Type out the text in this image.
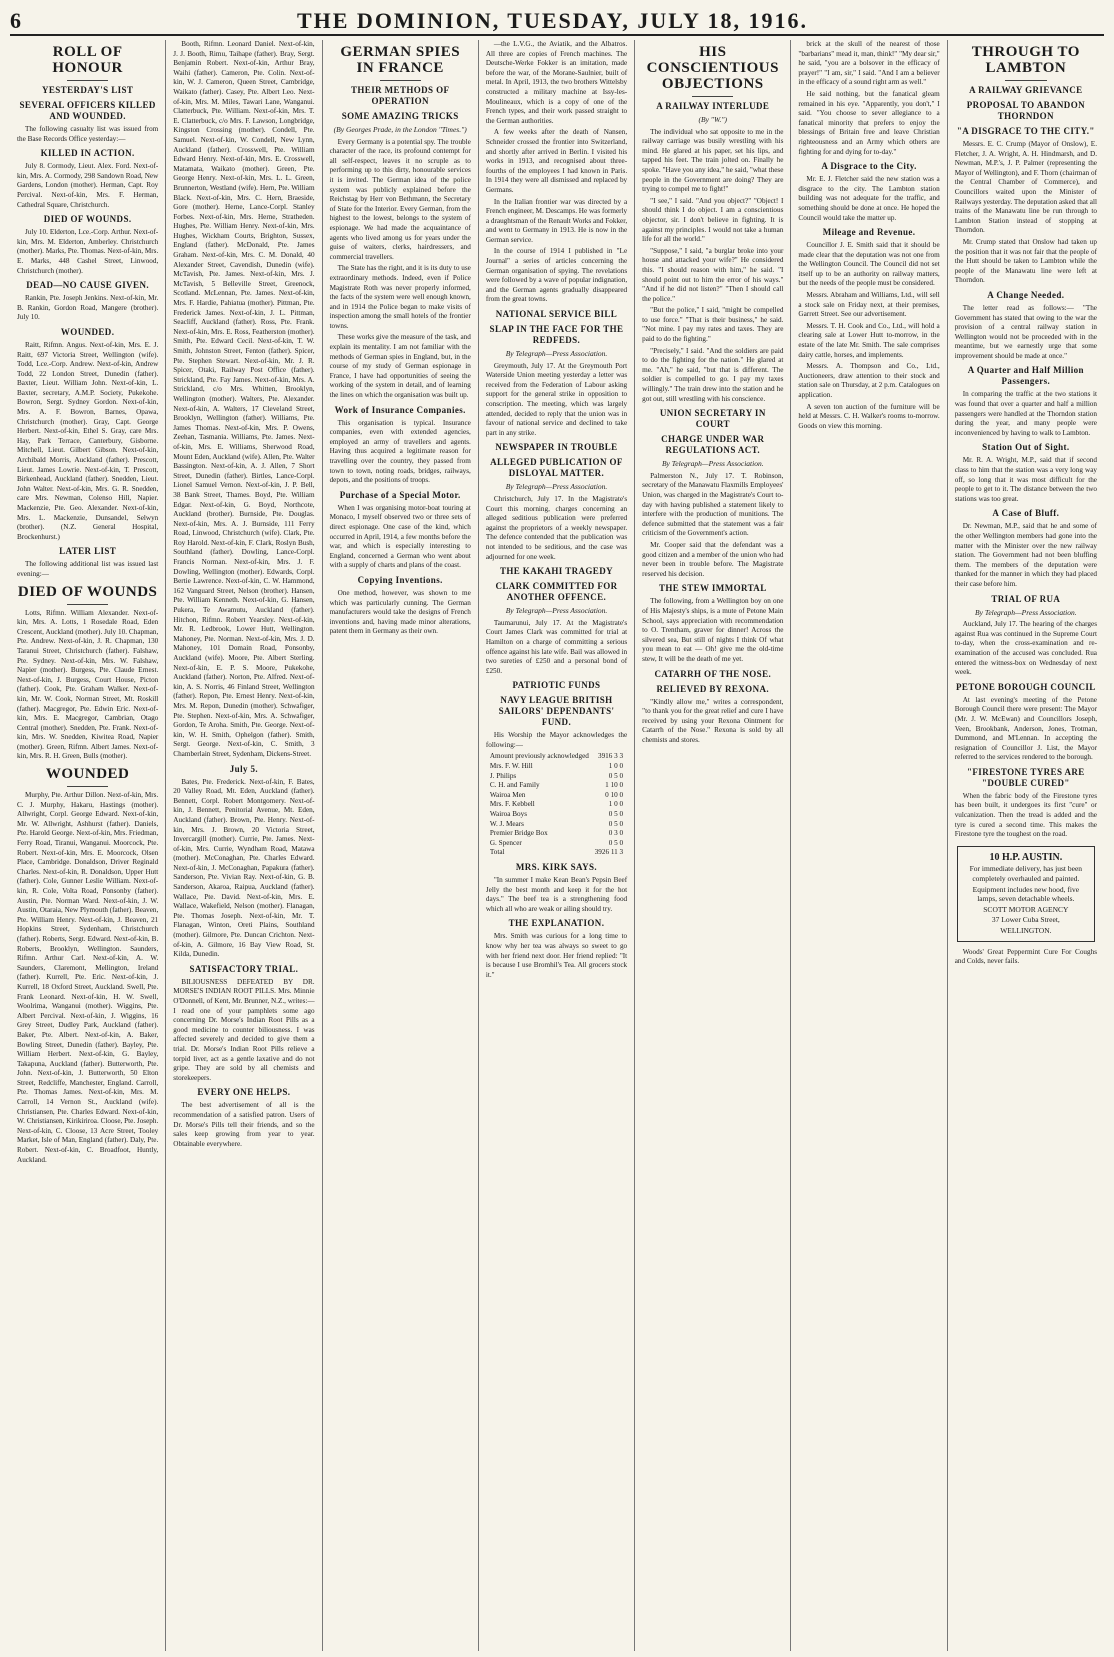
6	THE DOMINION, TUESDAY, JULY 18, 1916.
ROLL OF HONOUR
YESTERDAY'S LIST
SEVERAL OFFICERS KILLED AND WOUNDED.

The following casualty list was issued from the Base Records Office yesterday:—

KILLED IN ACTION.

July 8. Cormody, Lieut. Alex. Ford. Next-of-kin, Mrs. A. Cormody, 298 Sandown Road, New Gardens, London (mother). Herman, Capt. Roy Percival. Next-of-kin, Mrs. F. Herman, Cathedral Square, Christchurch.

DIED OF WOUNDS.

July 10. Elderton, Lce.-Corp. Arthur. Next-of-kin, Mrs. M. Elderton, Amberley. Christchurch (mother). Marks, Pte. Thomas. Next-of-kin, Mrs. E. Marks, 448 Cashel Street, Linwood, Christchurch (mother).

DEAD—NO CAUSE GIVEN.

Rankin, Pte. Joseph Jenkins. Next-of-kin, Mr. B. Rankin, Gordon Road, Mangere (brother). July 10.

WOUNDED.

Raitt, Rifmn. Angus. Next-of-kin, Mrs. E. J. Raitt, 697 Victoria Street, Wellington (wife). Todd, Lce.-Corp. Andrew. Next-of-kin, Andrew Todd, 22 London Street, Dunedin (father). Baxter, Lieut. William John. Next-of-kin, L. Baxter, secretary, A.M.P. Society, Pukekohe. Bowron, Sergt. Sydney Gordon. Next-of-kin, Mrs. A. F. Bowron, Barnes, Opawa, Christchurch (mother). Gray, Capt. George Herbert. Next-of-kin, Ethel S. Gray, care Mrs. Hay, Park Terrace, Canterbury, Gisborne. Mitchell, Lieut. Gilbert Gibson. Next-of-kin, Archibald Morris, Auckland (father). Prescott, Lieut. James Lowrie. Next-of-kin, T. Prescott, Birkenhead, Auckland (father). Snedden, Lieut. John Walter. Next-of-kin, Mrs. G. R. Snedden, care Mrs. Newman, Colenso Hill, Napier. Mackenzie, Pte. Geo. Alexander. Next-of-kin, Mrs. L. Mackenzie, Dunsandel, Selwyn (brother). (N.Z. General Hospital, Brockenhurst.)

LATER LIST

The following additional list was issued last evening:—

DIED OF WOUNDS

Lotts, Rifmn. William Alexander. Next-of-kin, Mrs. A. Lotts, 1 Rosedale Road, Eden Crescent, Auckland (mother). July 10. Chapman, Pte. Andrew. Next-of-kin, J. R. Chapman, 130 Taranui Street, Christchurch (father). Falshaw, Pte. Sydney. Next-of-kin, Mrs. W. Falshaw, Napier (mother). Burgess, Pte. Claude Ernest. Next-of-kin, J. Burgess, Court House, Picton (father). Cook, Pte. Graham Walker. Next-of-kin, Mr. W. Cook, Norman Street, Mt. Roskill (father). Macgregor, Pte. Edwin Eric. Next-of-kin, Mrs. E. Macgregor, Cambrian, Otago Central (mother). Snedden, Pte. Frank. Next-of-kin, Mrs. W. Snedden, Kiwitea Road, Napier (mother). Green, Rifmn. Albert James. Next-of-kin, Mrs. R. H. Green, Bulls (mother).

WOUNDED

Murphy, Pte. Arthur Dillon. Next-of-kin, Mrs. C. J. Murphy, Hakaru, Hastings (mother). Allwright, Corpl. George Edward. Next-of-kin, Mr. W. Allwright, Ashhurst (father). Daniels, Pte. Harold George. Next-of-kin, Mrs. Friedman, Ferry Road, Tiranui, Wanganui. Moorcock, Pte. Robert. Next-of-kin, Mrs. E. Moorcock, Olsen Place, Cambridge. Donaldson, Driver Reginald Charles. Next-of-kin, R. Donaldson, Upper Hutt (father). Cole, Gunner Leslie William. Next-of-kin, R. Cole, Volta Road, Ponsonby (father). Austin, Pte. Norman Ward. Next-of-kin, J. W. Austin, Otaraia, New Plymouth (father). Beaven, Pte. William Henry. Next-of-kin, J. Beaven, 21 Hopkins Street, Sydenham, Christchurch (father). Roberts, Sergt. Edward. Next-of-kin, B. Roberts, Brooklyn, Wellington. Saunders, Rifmn. Arthur Carl. Next-of-kin, A. W. Saunders, Claremont, Mellington, Ireland (father). Kurrell, Pte. Eric. Next-of-kin, J. Kurrell, 18 Oxford Street, Auckland. Swell, Pte. Frank Leonard. Next-of-kin, H. W. Swell, Woolrima, Wanganui (mother). Wiggins, Pte. Albert Percival. Next-of-kin, J. Wiggins, 16 Grey Street, Dudley Park, Auckland (father). Baker, Pte. Albert. Next-of-kin, A. Baker, Bowling Street, Dunedin (father). Bayley, Pte. William Herbert. Next-of-kin, G. Bayley, Takapuna, Auckland (father). Butterworth, Pte. John. Next-of-kin, J. Butterworth, 50 Elton Street, Redcliffe, Manchester, England. Carroll, Pte. Thomas James. Next-of-kin, Mrs. M. Carroll, 14 Vernon St., Auckland (wife). Christiansen, Pte. Charles Edward. Next-of-kin, W. Christiansen, Kirikiriroa. Cloose, Pte. Joseph. Next-of-kin, C. Cloose, 13 Acre Street, Tooley Market, Isle of Man, England (father). Daly, Pte. Robert. Next-of-kin, C. Broadfoot, Huntly, Auckland.

Booth, Rifmn. Leonard Daniel. Next-of-kin, J. J. Booth, Rimu, Taihape (father). Bray, Sergt. Benjamin Robert. Next-of-kin, Arthur Bray, Waihi (father). Cameron, Pte. Colin. Next-of-kin, W. J. Cameron, Queen Street, Cambridge, Waikato (father). Casey, Pte. Albert Leo. Next-of-kin, Mrs. M. Miles, Tawari Lane, Wanganui. Clatterbuck, Pte. William. Next-of-kin, Mrs. T. E. Clatterbuck, c/o Mrs. F. Lawson, Longbridge, Kingston Crossing (mother). Condell, Pte. Samuel. Next-of-kin, W. Condell, New Lynn, Auckland (father). Crosswell, Pte. William Edward Henry. Next-of-kin, Mrs. E. Crosswell, Matamata, Waikato (mother). Green, Pte. George Henry. Next-of-kin, Mrs. L. L. Green, Brunnerton, Westland (wife). Hern, Pte. William Black. Next-of-kin, Mrs. C. Hern, Braeside, Gore (mother). Herne, Lance-Corpl. Stanley Forbes. Next-of-kin, Mrs. Herne, Stratheden. Hughes, Pte. William Henry. Next-of-kin, Mrs. Hughes, Wickham Courts, Brighton, Sussex, England (father). McDonald, Pte. James Graham. Next-of-kin, Mrs. C. M. Donald, 40 Alexander Street, Cavendish, Dunedin (wife). McTavish, Pte. James. Next-of-kin, Mrs. J. McTavish, 5 Belleville Street, Greenock, Scotland. McLennan, Pte. James. Next-of-kin, Mrs. F. Hardie, Pahiatua (mother). Pittman, Pte. Frederick James. Next-of-kin, J. L. Pittman, Seacliff, Auckland (father). Ross, Pte. Frank. Next-of-kin, Mrs. E. Ross, Featherston (mother). Smith, Pte. Edward Cecil. Next-of-kin, T. W. Smith, Johnston Street, Fenton (father). Spicer, Pte. Stephen Stewart. Next-of-kin, Mr. J. R. Spicer, Otaki, Railway Post Office (father). Strickland, Pte. Fay James. Next-of-kin, Mrs. A. Strickland, c/o Mrs. Whitten, Brooklyn, Wellington (mother). Walters, Pte. Alexander. Next-of-kin, A. Walters, 17 Cleveland Street, Brooklyn, Wellington (father). Williams, Pte. James Thomas. Next-of-kin, Mrs. P. Owens, Zeehan, Tasmania. Williams, Pte. James. Next-of-kin, Mrs. E. Williams, Sherwood Road, Mount Eden, Auckland (wife). Allen, Pte. Walter Bassington. Next-of-kin, A. J. Allen, 7 Short Street, Dunedin (father). Birtles, Lance-Corpl. Lionel Samuel Vernon. Next-of-kin, J. P. Bell, 38 Bank Street, Thames. Boyd, Pte. William Edgar. Next-of-kin, G. Boyd, Northcote, Auckland (brother). Burnside, Pte. Douglas. Next-of-kin, Mrs. A. J. Burnside, 111 Ferry Road, Linwood, Christchurch (wife). Clark, Pte. Roy Harold. Next-of-kin, F. Clark, Roslyn Bush, Southland (father). Dowling, Lance-Corpl. Francis Norman. Next-of-kin, Mrs. J. F. Dowling, Wellington (mother). Edwards, Corpl. Bertie Lawrence. Next-of-kin, C. W. Hammond, 162 Vanguard Street, Nelson (brother). Hansen, Pte. William Kenneth. Next-of-kin, G. Hansen, Pukera, Te Awamutu, Auckland (father). Hitchon, Rifmn. Robert Yearsley. Next-of-kin, Mr. R. Ledbrook, Lower Hutt, Wellington. Mahoney, Pte. Norman. Next-of-kin, Mrs. J. D. Mahoney, 101 Domain Road, Ponsonby, Auckland (wife). Moore, Pte. Albert Sterling. Next-of-kin, E. P. S. Moore, Pukekohe, Auckland (father). Norton, Pte. Alfred. Next-of-kin, A. S. Norris, 46 Finland Street, Wellington (father). Repon, Pte. Ernest Henry. Next-of-kin, Mrs. M. Repon, Dunedin (mother). Schwafiger, Pte. Stephen. Next-of-kin, Mrs. A. Schwafiger, Gordon, Te Aroha. Smith, Pte. George. Next-of-kin, W. H. Smith, Ophelgon (father). Smith, Sergt. George. Next-of-kin, C. Smith, 3 Chamberlain Street, Sydenham, Dickens-Street.

July 5.

Bates, Pte. Frederick. Next-of-kin, F. Bates, 20 Valley Road, Mt. Eden, Auckland (father). Bennett, Corpl. Robert Montgomery. Next-of-kin, J. Bennett, Penitorial Avenue, Mt. Eden, Auckland (father). Brown, Pte. Henry. Next-of-kin, Mrs. J. Brown, 20 Victoria Street, Invercargill (mother). Currie, Pte. James. Next-of-kin, Mrs. Currie, Wyndham Road, Matawa (mother). McConaghan, Pte. Charles Edward. Next-of-kin, J. McConaghan, Papakura (father). Sanderson, Pte. Vivian Ray. Next-of-kin, G. B. Sanderson, Akaroa, Raipua, Auckland (father). Wallace, Pte. David. Next-of-kin, Mrs. E. Wallace, Wakefield, Nelson (mother). Flanagan, Pte. Thomas Joseph. Next-of-kin, Mr. T. Flanagan, Winton, Oreti Plains, Southland (mother). Gilmore, Pte. Duncan Crichton. Next-of-kin, A. Gilmore, 16 Bay View Road, St. Kilda, Dunedin.

SATISFACTORY TRIAL.

BILIOUSNESS DEFEATED BY DR. MORSE'S INDIAN ROOT PILLS. Mrs. Minnie O'Donnell, of Kent, Mr. Brunner, N.Z., writes:— I read one of your pamphlets some ago concerning Dr. Morse's Indian Root Pills as a good medicine to counter biliousness. I was affected severely and decided to give them a trial. Dr. Morse's Indian Root Pills relieve a torpid liver, act as a gentle laxative and do not gripe. They are sold by all chemists and storekeepers.

EVERY ONE HELPS.

The best advertisement of all is the recommendation of a satisfied patron. Users of Dr. Morse's Pills tell their friends, and so the sales keep growing from year to year. Obtainable everywhere.

GERMAN SPIES IN FRANCE
THEIR METHODS OF OPERATION
SOME AMAZING TRICKS
(By Georges Prade, in the London "Times.")

Every Germany is a potential spy. The trouble character of the race, its profound contempt for all self-respect, leaves it no scruple as to performing up to this dirty, honourable services it is invited. The German idea of the police system was publicly explained before the Reichstag by Herr von Bethmann, the Secretary of State for the Interior. Every German, from the highest to the lowest, belongs to the system of espionage. We had made the acquaintance of agents who lived among us for years under the guise of waiters, clerks, hairdressers, and commercial travellers.

The State has the right, and it is its duty to use extraordinary methods. Indeed, even if Police Magistrate Roth was never properly informed, the facts of the system were well enough known, and in 1914 the Police began to make visits of inspection among the small hotels of the frontier towns.

These works give the measure of the task, and explain its mentality. I am not familiar with the methods of German spies in England, but, in the course of my study of German espionage in France, I have had opportunities of seeing the working of the system in detail, and of learning the lines on which the organisation was built up.

Work of Insurance Companies.

This organisation is typical. Insurance companies, even with extended agencies, employed an army of travellers and agents. Having thus acquired a legitimate reason for travelling over the country, they passed from town to town, noting roads, bridges, railways, depots, and the positions of troops.

Purchase of a Special Motor.

When I was organising motor-boat touring at Monaco, I myself observed two or three sets of direct espionage. One case of the kind, which occurred in April, 1914, a few months before the war, and which is especially interesting to England, concerned a German who went about with a supply of charts and plans of the coast.

Copying Inventions.

One method, however, was shown to me which was particularly cunning. The German manufacturers would take the designs of French inventions and, having made minor alterations, patent them in Germany as their own.

—the L.V.G., the Aviatik, and the Albatros. All three are copies of French machines. The Deutsche-Werke Fokker is an imitation, made before the war, of the Morane-Saulnier, built of metal. In April, 1913, the two brothers Wittelsby constructed a military machine at Issy-les-Moulineaux, which is a copy of one of the French types, and their work passed straight to the German authorities.

A few weeks after the death of Nansen, Schneider crossed the frontier into Switzerland, and shortly after arrived in Berlin. I visited his works in 1913, and recognised about three-fourths of the employees I had known in Paris. In 1914 they were all dismissed and replaced by Germans.

In the Italian frontier war was directed by a French engineer, M. Descamps. He was formerly a draughtsman of the Renault Works and Fokker, and went to Germany in 1913. He is now in the German service.

In the course of 1914 I published in "Le Journal" a series of articles concerning the German organisation of spying. The revelations were followed by a wave of popular indignation, and the German agents gradually disappeared from the great towns.

NATIONAL SERVICE BILL
SLAP IN THE FACE FOR THE REDFEDS.
By Telegraph—Press Association.

Greymouth, July 17. At the Greymouth Port Waterside Union meeting yesterday a letter was received from the Federation of Labour asking support for the general strike in opposition to conscription. The meeting, which was largely attended, decided to reply that the union was in favour of national service and declined to take part in any strike.

NEWSPAPER IN TROUBLE
ALLEGED PUBLICATION OF DISLOYAL MATTER.
By Telegraph—Press Association.

Christchurch, July 17. In the Magistrate's Court this morning, charges concerning an alleged seditious publication were preferred against the proprietors of a weekly newspaper. The defence contended that the publication was not intended to be seditious, and the case was adjourned for one week.

THE KAKAHI TRAGEDY
CLARK COMMITTED FOR ANOTHER OFFENCE.
By Telegraph—Press Association.

Taumarunui, July 17. At the Magistrate's Court James Clark was committed for trial at Hamilton on a charge of committing a serious offence against his late wife. Bail was allowed in two sureties of £250 and a personal bond of £250.

PATRIOTIC FUNDS
NAVY LEAGUE BRITISH SAILORS' DEPENDANTS' FUND.

His Worship the Mayor acknowledges the following:—

Amount previously acknowledged 3916 3 3
Mrs. F. W. Hill	1 0 0
J. Philips	0 5 0
C. H. and Family	1 10 0
Wairoa Men	0 10 0
Mrs. F. Kebbell	1 0 0
Wairoa Boys	0 5 0
W. J. Mears	0 5 0
Premier Bridge Box	0 3 0
G. Spencer	0 5 0
Total	3926 11 3
MRS. KIRK SAYS.

"In summer I make Kean Bean's Pepsin Beef Jelly the best month and keep it for the hot days." The beef tea is a strengthening food which all who are weak or ailing should try.

THE EXPLANATION.

Mrs. Smith was curious for a long time to know why her tea was always so sweet to go with her friend next door. Her friend replied: "It is because I use Bromhil's Tea. All grocers stock it."

HIS CONSCIENTIOUS OBJECTIONS
A RAILWAY INTERLUDE
(By "W.")

The individual who sat opposite to me in the railway carriage was busily wrestling with his mind. He glared at his paper, set his lips, and tapped his feet. The train jolted on. Finally he spoke. "Have you any idea," he said, "what these people in the Government are doing? They are trying to compel me to fight!"

"I see," I said. "And you object?" "Object! I should think I do object. I am a conscientious objector, sir. I don't believe in fighting. It is against my principles. I would not take a human life for all the world."

"Suppose," I said, "a burglar broke into your house and attacked your wife?" He considered this. "I should reason with him," he said. "I should point out to him the error of his ways." "And if he did not listen?" "Then I should call the police."

"But the police," I said, "might be compelled to use force." "That is their business," he said. "Not mine. I pay my rates and taxes. They are paid to do the fighting."

"Precisely," I said. "And the soldiers are paid to do the fighting for the nation." He glared at me. "Ah," he said, "but that is different. The soldier is compelled to go. I pay my taxes willingly." The train drew into the station and he got out, still wrestling with his conscience.

UNION SECRETARY IN COURT
CHARGE UNDER WAR REGULATIONS ACT.
By Telegraph—Press Association.

Palmerston N., July 17. T. Robinson, secretary of the Manawatu Flaxmills Employees' Union, was charged in the Magistrate's Court to-day with having published a statement likely to interfere with the production of munitions. The defence submitted that the statement was a fair criticism of the Government's action.

Mr. Cooper said that the defendant was a good citizen and a member of the union who had never been in trouble before. The Magistrate reserved his decision.

THE STEW IMMORTAL

The following, from a Wellington boy on one of His Majesty's ships, is a mute of Petone Main School, says appreciation with recommendation to O. Trentham, graver for dinner! Across the silvered sea, But still of nights I think Of what you mean to eat — Oh! give me the old-time stew, It will be the death of me yet.

CATARRH OF THE NOSE.
RELIEVED BY REXONA.

"Kindly allow me," writes a correspondent, "to thank you for the great relief and cure I have received by using your Rexona Ointment for Catarrh of the Nose." Rexona is sold by all chemists and stores.

brick at the skull of the nearest of those "barbarians" mead it, man, think!" "My dear sir," he said, "you are a bolsover in the efficacy of prayer!" "I am, sir," I said. "And I am a believer in the efficacy of a sound right arm as well."

He said nothing, but the fanatical gleam remained in his eye. "Apparently, you don't," I said. "You choose to sever allegiance to a fanatical minority that prefers to enjoy the blessings of Britain free and leave Christian righteousness and an Army which others are fighting for and dying for to-day."

A Disgrace to the City.

Mr. E. J. Fletcher said the new station was a disgrace to the city. The Lambton station building was not adequate for the traffic, and something should be done at once. He hoped the Council would take the matter up.

Mileage and Revenue.

Councillor J. E. Smith said that it should be made clear that the deputation was not one from the Wellington Council. The Council did not set itself up to be an authority on railway matters, but the needs of the people must be considered.

Messrs. Abraham and Williams, Ltd., will sell a stock sale on Friday next, at their premises, Garrett Street. See our advertisement.

Messrs. T. H. Cook and Co., Ltd., will hold a clearing sale at Lower Hutt to-morrow, in the estate of the late Mr. Smith. The sale comprises dairy cattle, horses, and implements.

Messrs. A. Thompson and Co., Ltd., Auctioneers, draw attention to their stock and station sale on Thursday, at 2 p.m. Catalogues on application.

A seven ton auction of the furniture will be held at Messrs. C. H. Walker's rooms to-morrow. Goods on view this morning.

THROUGH TO LAMBTON
A RAILWAY GRIEVANCE
PROPOSAL TO ABANDON THORNDON
"A DISGRACE TO THE CITY."

Messrs. E. C. Crump (Mayor of Onslow), E. Fletcher, J. A. Wright, A. H. Hindmarsh, and D. Newman, M.P.'s, J. P. Palmer (representing the Mayor of Wellington), and F. Thorn (chairman of the Central Chamber of Commerce), and Councillors waited upon the Minister of Railways yesterday. The deputation asked that all trains of the Manawatu line be run through to Lambton Station instead of stopping at Thorndon.

Mr. Crump stated that Onslow had taken up the position that it was not fair that the people of the Hutt should be taken to Lambton while the people of the Manawatu line were left at Thorndon.

A Change Needed.

The letter read as follows:— "The Government has stated that owing to the war the provision of a central railway station in Wellington would not be proceeded with in the meantime, but we earnestly urge that some improvement should be made at once."

A Quarter and Half Million Passengers.

In comparing the traffic at the two stations it was found that over a quarter and half a million passengers were handled at the Thorndon station during the year, and many people were inconvenienced by having to walk to Lambton.

Station Out of Sight.

Mr. R. A. Wright, M.P., said that if second class to him that the station was a very long way off, so long that it was most difficult for the people to get to it. The distance between the two stations was too great.

A Case of Bluff.

Dr. Newman, M.P., said that he and some of the other Wellington members had gone into the matter with the Minister over the new railway station. The Government had not been bluffing them. The members of the deputation were thanked for the manner in which they had placed their case before him.

TRIAL OF RUA
By Telegraph—Press Association.

Auckland, July 17. The hearing of the charges against Rua was continued in the Supreme Court to-day, when the cross-examination and re-examination of the accused was concluded. Rua entered the witness-box on Wednesday of next week.

PETONE BOROUGH COUNCIL

At last evening's meeting of the Petone Borough Council there were present: The Mayor (Mr. J. W. McEwan) and Councillors Joseph, Veen, Brookbank, Anderson, Jones, Trotman, Dummond, and M'Lennan. In accepting the resignation of Councillor J. List, the Mayor referred to the services rendered to the borough.

"FIRESTONE TYRES ARE "DOUBLE CURED"

When the fabric body of the Firestone tyres has been built, it undergoes its first "cure" or vulcanization. Then the tread is added and the tyre is cured a second time. This makes the Firestone tyre the toughest on the road.

10 H.P. AUSTIN.
For immediate delivery, has just been completely overhauled and painted.
Equipment includes new hood, five lamps, seven detachable wheels.
SCOTT MOTOR AGENCY
37 Lower Cuba Street,
WELLINGTON.

Woods' Great Peppermint Cure For Coughs and Colds, never fails.
